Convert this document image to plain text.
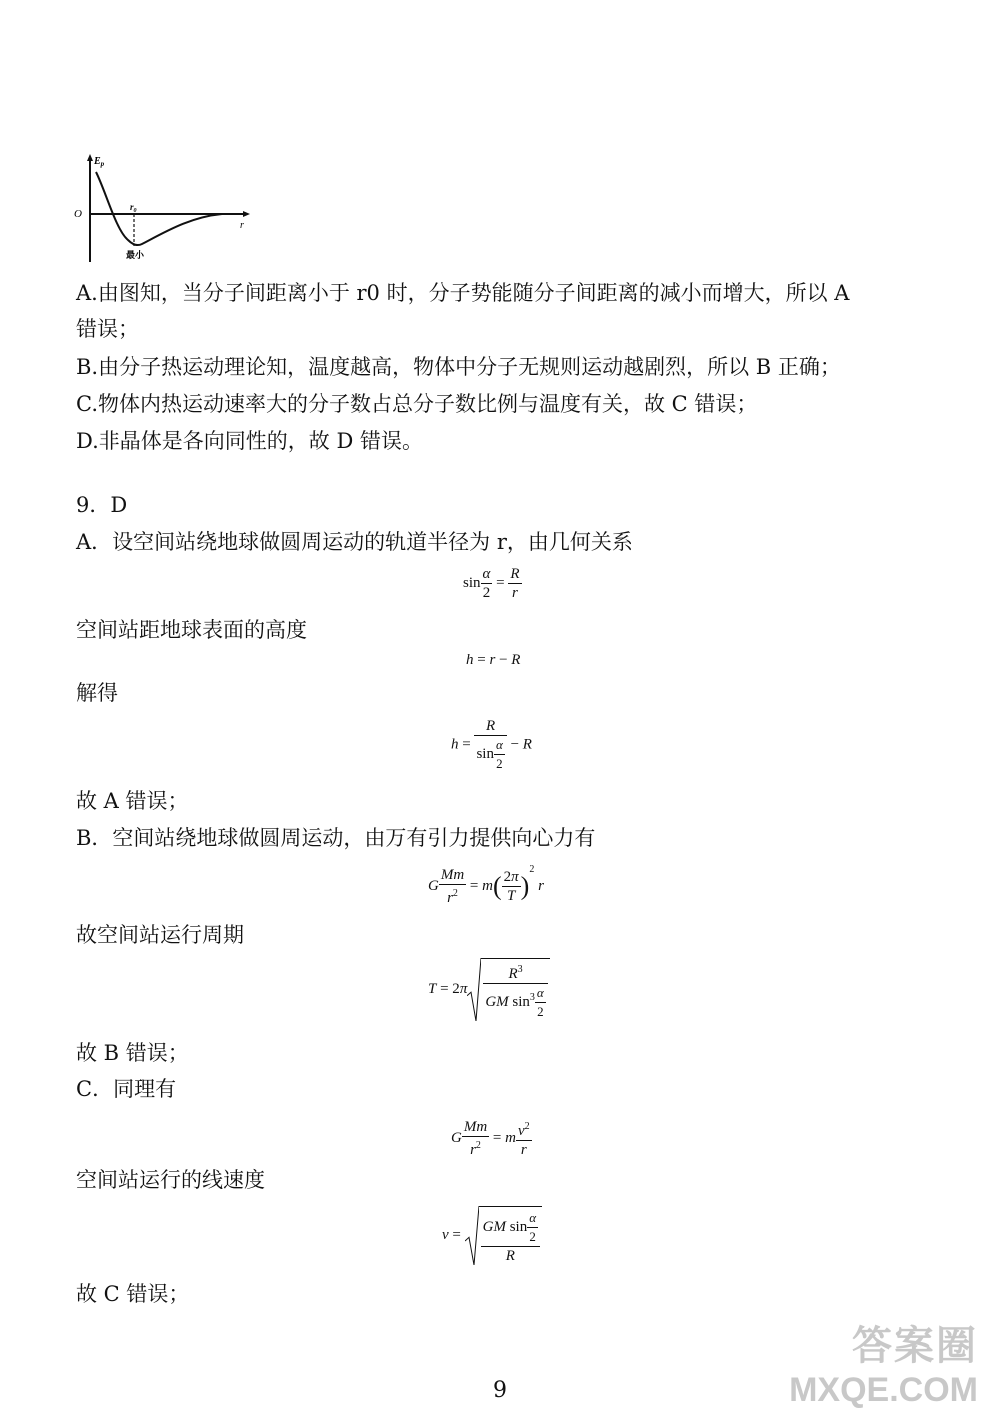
$E_p$
O
r
$r_0$
最小
A.由图知，当分子间距离小于 r0 时，分子势能随分子间距离的减小而增大，所以 A
错误；
B.由分子热运动理论知，温度越高，物体中分子无规则运动越剧烈，所以 B 正确；
C.物体内热运动速率大的分子数占总分子数比例与温度有关，故 C 错误；
D.非晶体是各向同性的，故 D 错误。
9．D
A．设空间站绕地球做圆周运动的轨道半径为 r，由几何关系
$\sin \frac{\alpha}{2} = \frac{R}{r}$
空间站距地球表面的高度
h = r − R
解得
$h = \frac{R}{\sin \frac{\alpha}{2}} - R$
故 A 错误；
B．空间站绕地球做圆周运动，由万有引力提供向心力有
G $\frac{Mm}{r^2} = m( \frac{2\pi}{T} )^2$ r
故空间站运行周期
$T = 2\pi \frac{R^3}{GM \sin^3 \frac{\alpha}{2}}$
故 B 错误；
C．同理有
G $\frac{Mm}{r^2} = m \frac{v^2}{r}$
空间站运行的线速度
$v = \frac{GM \sin \frac{\alpha}{2}}{R}$
故 C 错误；
9
答案圈
MXQE.COM
